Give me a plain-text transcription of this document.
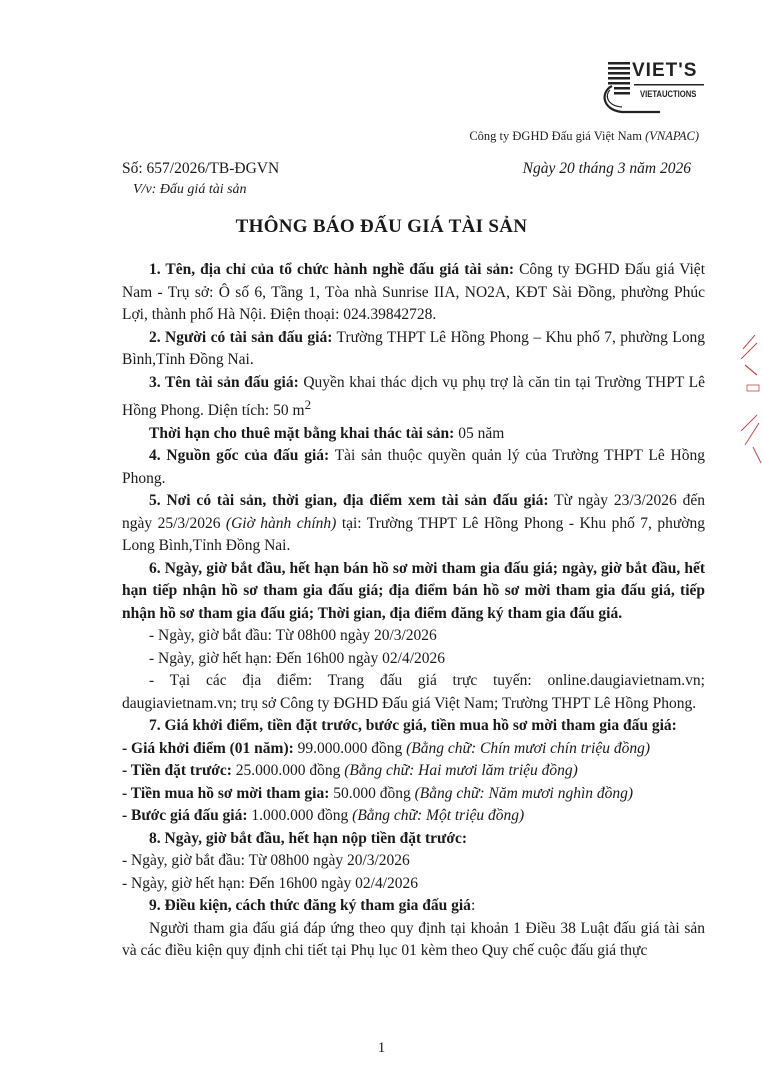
VIET'S
VIETAUCTIONS
Công ty ĐGHD Đấu giá Việt Nam (VNAPAC)
Số: 657/2026/TB-ĐGVN
V/v: Đấu giá tài sản
Ngày 20 tháng 3 năm 2026
THÔNG BÁO ĐẤU GIÁ TÀI SẢN

1. Tên, địa chỉ của tổ chức hành nghề đấu giá tài sản: Công ty ĐGHD Đấu giá Việt Nam - Trụ sở: Ô số 6, Tầng 1, Tòa nhà Sunrise IIA, NO2A, KĐT Sài Đồng, phường Phúc Lợi, thành phố Hà Nội. Điện thoại: 024.39842728.

2. Người có tài sản đấu giá: Trường THPT Lê Hồng Phong – Khu phố 7, phường Long Bình,Tỉnh Đồng Nai.

3. Tên tài sản đấu giá: Quyền khai thác dịch vụ phụ trợ là căn tin tại Trường THPT Lê Hồng Phong. Diện tích: 50 $m^2$

Thời hạn cho thuê mặt bằng khai thác tài sản: 05 năm

4. Nguồn gốc của đấu giá: Tài sản thuộc quyền quản lý của Trường THPT Lê Hồng Phong.

5. Nơi có tài sản, thời gian, địa điểm xem tài sản đấu giá: Từ ngày 23/3/2026 đến ngày 25/3/2026 (Giờ hành chính) tại: Trường THPT Lê Hồng Phong - Khu phố 7, phường Long Bình,Tỉnh Đồng Nai.

6. Ngày, giờ bắt đầu, hết hạn bán hồ sơ mời tham gia đấu giá; ngày, giờ bắt đầu, hết hạn tiếp nhận hồ sơ tham gia đấu giá; địa điểm bán hồ sơ mời tham gia đấu giá, tiếp nhận hồ sơ tham gia đấu giá; Thời gian, địa điểm đăng ký tham gia đấu giá.

- Ngày, giờ bắt đầu: Từ 08h00 ngày 20/3/2026

- Ngày, giờ hết hạn: Đến 16h00 ngày 02/4/2026

- Tại các địa điểm: Trang đấu giá trực tuyến: online.daugiavietnam.vn; daugiavietnam.vn; trụ sở Công ty ĐGHD Đấu giá Việt Nam; Trường THPT Lê Hồng Phong.

7. Giá khởi điểm, tiền đặt trước, bước giá, tiền mua hồ sơ mời tham gia đấu giá:

- Giá khởi điểm (01 năm): 99.000.000 đồng (Bằng chữ: Chín mươi chín triệu đồng)

- Tiền đặt trước: 25.000.000 đồng (Bằng chữ: Hai mươi lăm triệu đồng)

- Tiền mua hồ sơ mời tham gia: 50.000 đồng (Bằng chữ: Năm mươi nghìn đồng)

- Bước giá đấu giá: 1.000.000 đồng (Bằng chữ: Một triệu đồng)

8. Ngày, giờ bắt đầu, hết hạn nộp tiền đặt trước:

- Ngày, giờ bắt đầu: Từ 08h00 ngày 20/3/2026

- Ngày, giờ hết hạn: Đến 16h00 ngày 02/4/2026

9. Điều kiện, cách thức đăng ký tham gia đấu giá:

Người tham gia đấu giá đáp ứng theo quy định tại khoản 1 Điều 38 Luật đấu giá tài sản và các điều kiện quy định chi tiết tại Phụ lục 01 kèm theo Quy chế cuộc đấu giá thực

1
